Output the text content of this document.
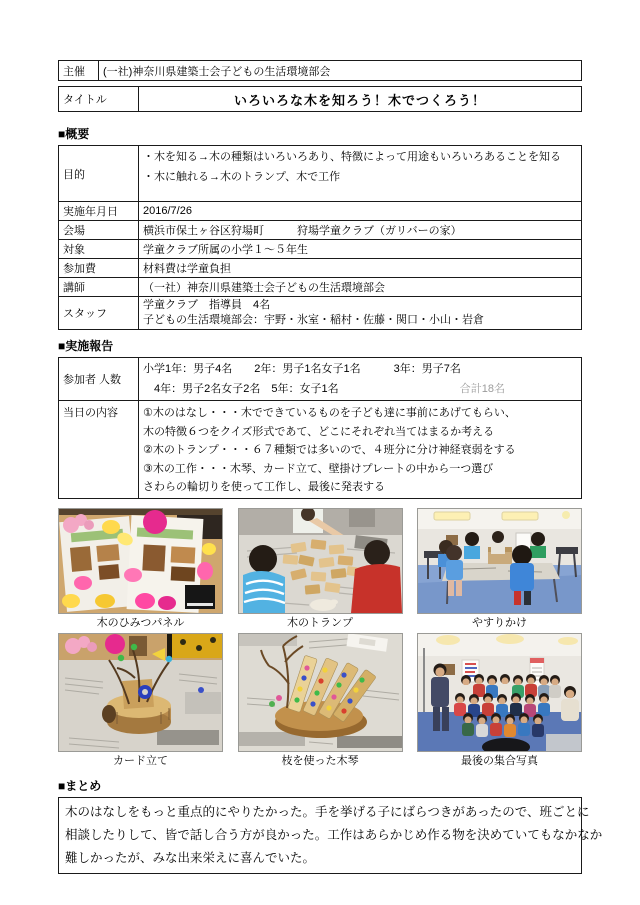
主催	(一社)神奈川県建築士会子どもの生活環境部会
タイトル	いろいろな木を知ろう！木でつくろう！
■概要
目的	・木を知る→木の種類はいろいろあり、特徴によって用途もいろいろあることを知る
・木に触れる→木のトランプ、木で工作

実施年月日	2016/7/26
会場	横浜市保土ヶ谷区狩場町　　　狩場学童クラブ（ガリバーの家）
対象	学童クラブ所属の小学１～５年生
参加費	材料費は学童負担
講師	（一社）神奈川県建築士会子どもの生活環境部会
スタッフ	学童クラブ　指導員　4名
子どもの生活環境部会：宇野・氷室・稲村・佐藤・関口・小山・岩倉
■実施報告
参加者 人数	小学1年：男子4名　　2年：男子1名女子1名　　　3年：男子7名
　4年：男子2名女子2名　5年：女子1名 合計18名

当日の内容	①木のはなし・・・木でできているものを子ども達に事前にあげてもらい、
木の特徴６つをクイズ形式であて、どこにそれぞれ当てはまるか考える
②木のトランプ・・・６７種類では多いので、４班分に分け神経衰弱をする
③木の工作・・・木琴、カード立て、壁掛けプレートの中から一つ選び
さわらの輪切りを使って工作し、最後に発表する
木のひみつパネル	木のトランプ	やすりかけ
カード立て	枝を使った木琴	最後の集合写真
■まとめ
木のはなしをもっと重点的にやりたかった。手を挙げる子にばらつきがあったので、班ごとに
相談したりして、皆で話し合う方が良かった。工作はあらかじめ作る物を決めていてもなかなか
難しかったが、みな出来栄えに喜んでいた。
